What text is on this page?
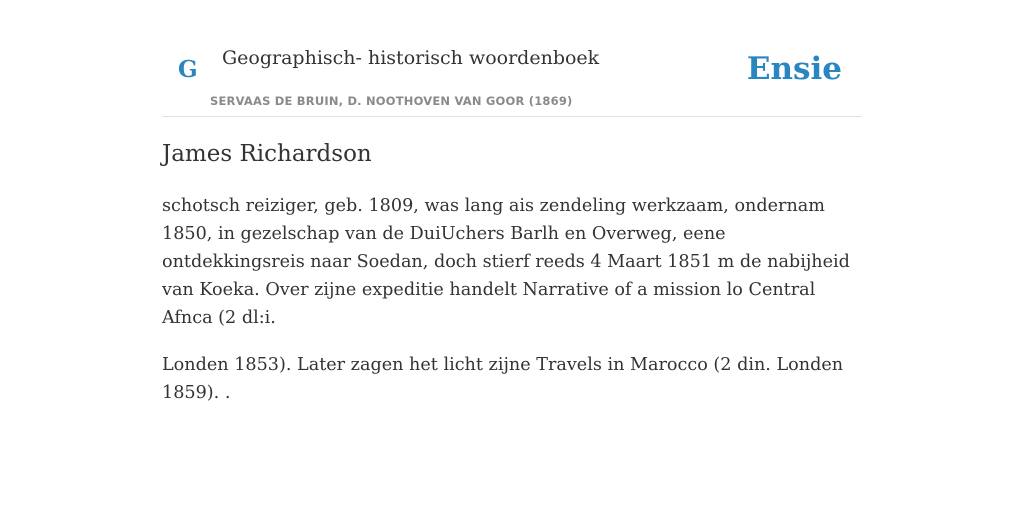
G Geographisch- historisch woordenboek
SERVAAS DE BRUIN, D. NOOTHOVEN VAN GOOR (1869)
Ensie
James Richardson

schotsch reiziger, geb. 1809, was lang ais zendeling werkzaam, ondernam 1850, in gezelschap van de DuiUchers Barlh en Overweg, eene ontdekkingsreis naar Soedan, doch stierf reeds 4 Maart 1851 m de nabijheid van Koeka. Over zijne expeditie handelt Narrative of a mission lo Central Afnca (2 dl:i.

Londen 1853). Later zagen het licht zijne Travels in Marocco (2 din. Londen 1859). .
